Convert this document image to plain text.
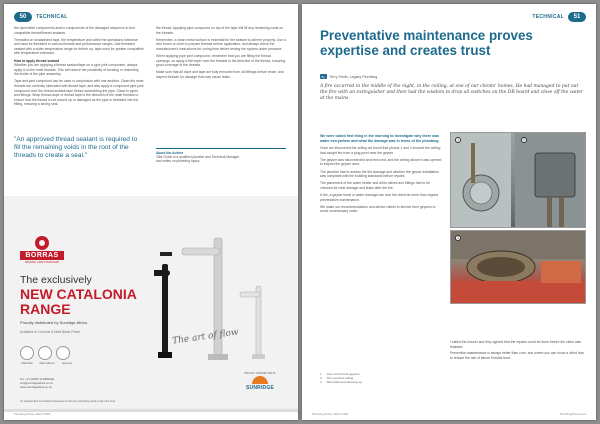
50	TECHNICAL

the dyne/label components and/or components of the damaged sequence to test compatible thread/thread sealants.

Threaded-on sealant/and tape, the temperature and withe the operations tolerance and must be threaded in various threads and performance ranges. Use threaded sealant with a wider temperature range for further up, tape used for greater compatible with temperature tolerance.

How to apply thread sealant

Whether you are applying a thread sealant/tape on a pipe joint component, always apply it on the male threads. This will reduce the possibility of bonding or restricting the inside of the pipe assembly.

Tape and joint compound can be used in conjunction with one another. Clean the male threads are correctly lubricated with thread tape, and also apply a compound pipe joint compound over the thread sealant tape before assembling the pipe. Clean in pipes and fittings. Wrap thread-dope or thread tape in the direction of the male threads to ensure that the thread is not wound up or damaged as the pipe is threaded into the fitting, ensuring a strong seal.

the thread. Applying pipe compound on top of the tape will fill any remaining voids on the threads.

Remember, a clean metal surface is essential for the sealant to adhere properly. Use a wire brush or cloth to prepare threads before application, and always check the manufacturer's instructions for curing time before testing the system under pressure.

When applying pipe joint compound, remember that you are filling the thread openings, so apply a thin layer over the threads in the direction of the thread, ensuring good coverage of the threads.

Make sure that all dope and tape are fully removed from old fittings before reuse, and inspect threads for damage that may cause leaks.

"An approved thread sealant is required to fill the remaining voids in the root of the threads to create a seal."	About the Author
Ollie Gobin is a qualified plumber and Technical Manager
and writes on plumbing topics.
BORRAS
SPANISH CRAFTSMANSHIP
The exclusively
NEW CATALONIA RANGE
Proudly distributed by Sunridge Africa.
Available in Chrome & Matt Black Finish
WaterMark	Water Efficient	Approved
Tel: +27 (0)860 SUNRIDGE
info@sunridgeafrica.co.za
www.sunridgeafrica.co.za
An independent consultant businesses & tool your plumbing needs in the next hour.
The art of flow
PROUDLY DISTRIBUTED BY
SUNRIDGE
Plumbing Africa | March 2021
TECHNICAL	51
Preventative maintenance proves expertise and creates trust
By	Terry Smith, Legacy Plumbing
A fire occurred in the middle of the night, in the ceiling, at one of our clients' homes. He had managed to put out the fire with an extinguisher and then had the wisdom to drop all switches on the DB board and close off the water at the mains.

We were called first thing in the morning to investigate why there was water everywhere and what the damage was in terms of the plumbing.

Once we discovered the ceiling we found that photos 1 and 2 showed the ceiling had caught fire from a plug point near the geyser.

The geyser was disconnected and removed, and the ceiling above it was opened to inspect the geyser area.

The plumber had to assess the fire damage and whether the geyser installation was compliant with the building standards before repairs.

The placement of the water heater and all its valves and fittings had to be checked for heat damage and leaks after the fire.

A fire, a geyser burst or water damage can cost the client far more than regular preventative maintenance.

We make our recommendations and advise clients to service their geysers to avoid unnecessary costs.

1 . One of the burnt geysers.
2 . The exposed ceiling.
3 . Aftermath and cleaning up.
1	2
3

I called the insurer and they agreed that the repairs could be done before the claim was finalised.

Preventive maintenance is always better than cure, and where you can show a client how to reduce the risk of failure it builds trust.

Plumbing Africa | March 2021	PlumbingAfrica.co.za
